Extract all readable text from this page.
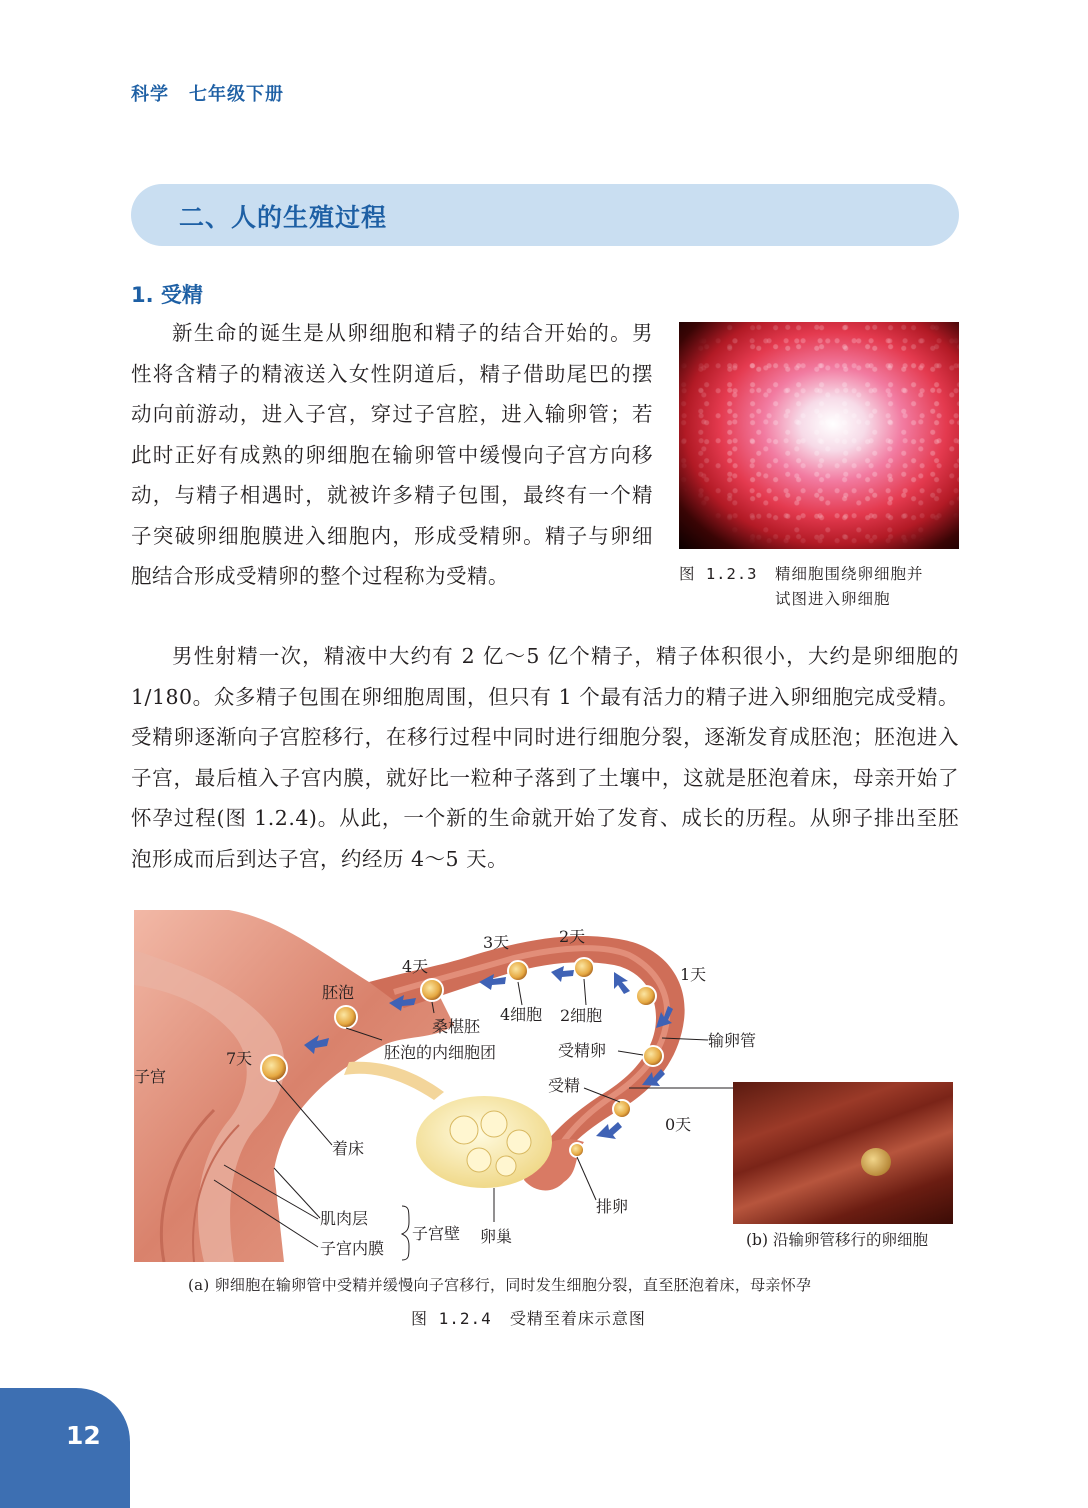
科学 七年级下册
二、人的生殖过程
1. 受精
新生命的诞生是从卵细胞和精子的结合开始的。男性将含精子的精液送入女性阴道后，精子借助尾巴的摆动向前游动，进入子宫，穿过子宫腔，进入输卵管；若此时正好有成熟的卵细胞在输卵管中缓慢向子宫方向移动，与精子相遇时，就被许多精子包围，最终有一个精子突破卵细胞膜进入细胞内，形成受精卵。精子与卵细胞结合形成受精卵的整个过程称为受精。	图 1.2.3 精细胞围绕卵细胞并
试图进入卵细胞
男性射精一次，精液中大约有 2 亿～5 亿个精子，精子体积很小，大约是卵细胞的 1/180。众多精子包围在卵细胞周围，但只有 1 个最有活力的精子进入卵细胞完成受精。受精卵逐渐向子宫腔移行，在移行过程中同时进行细胞分裂，逐渐发育成胚泡；胚泡进入子宫，最后植入子宫内膜，就好比一粒种子落到了土壤中，这就是胚泡着床，母亲开始了怀孕过程(图 1.2.4)。从此，一个新的生命就开始了发育、成长的历程。从卵子排出至胚泡形成而后到达子宫，约经历 4～5 天。
子宫
7天
胚泡
4天
3天	2天
1天
桑椹胚
4细胞 2细胞
胚泡的内细胞团	受精卵
输卵管
受精
0天
着床
排卵
肌肉层
子宫内膜
子宫壁 卵巢	(b) 沿输卵管移行的卵细胞
(a) 卵细胞在输卵管中受精并缓慢向子宫移行，同时发生细胞分裂，直至胚泡着床，母亲怀孕
图 1.2.4 受精至着床示意图
12
